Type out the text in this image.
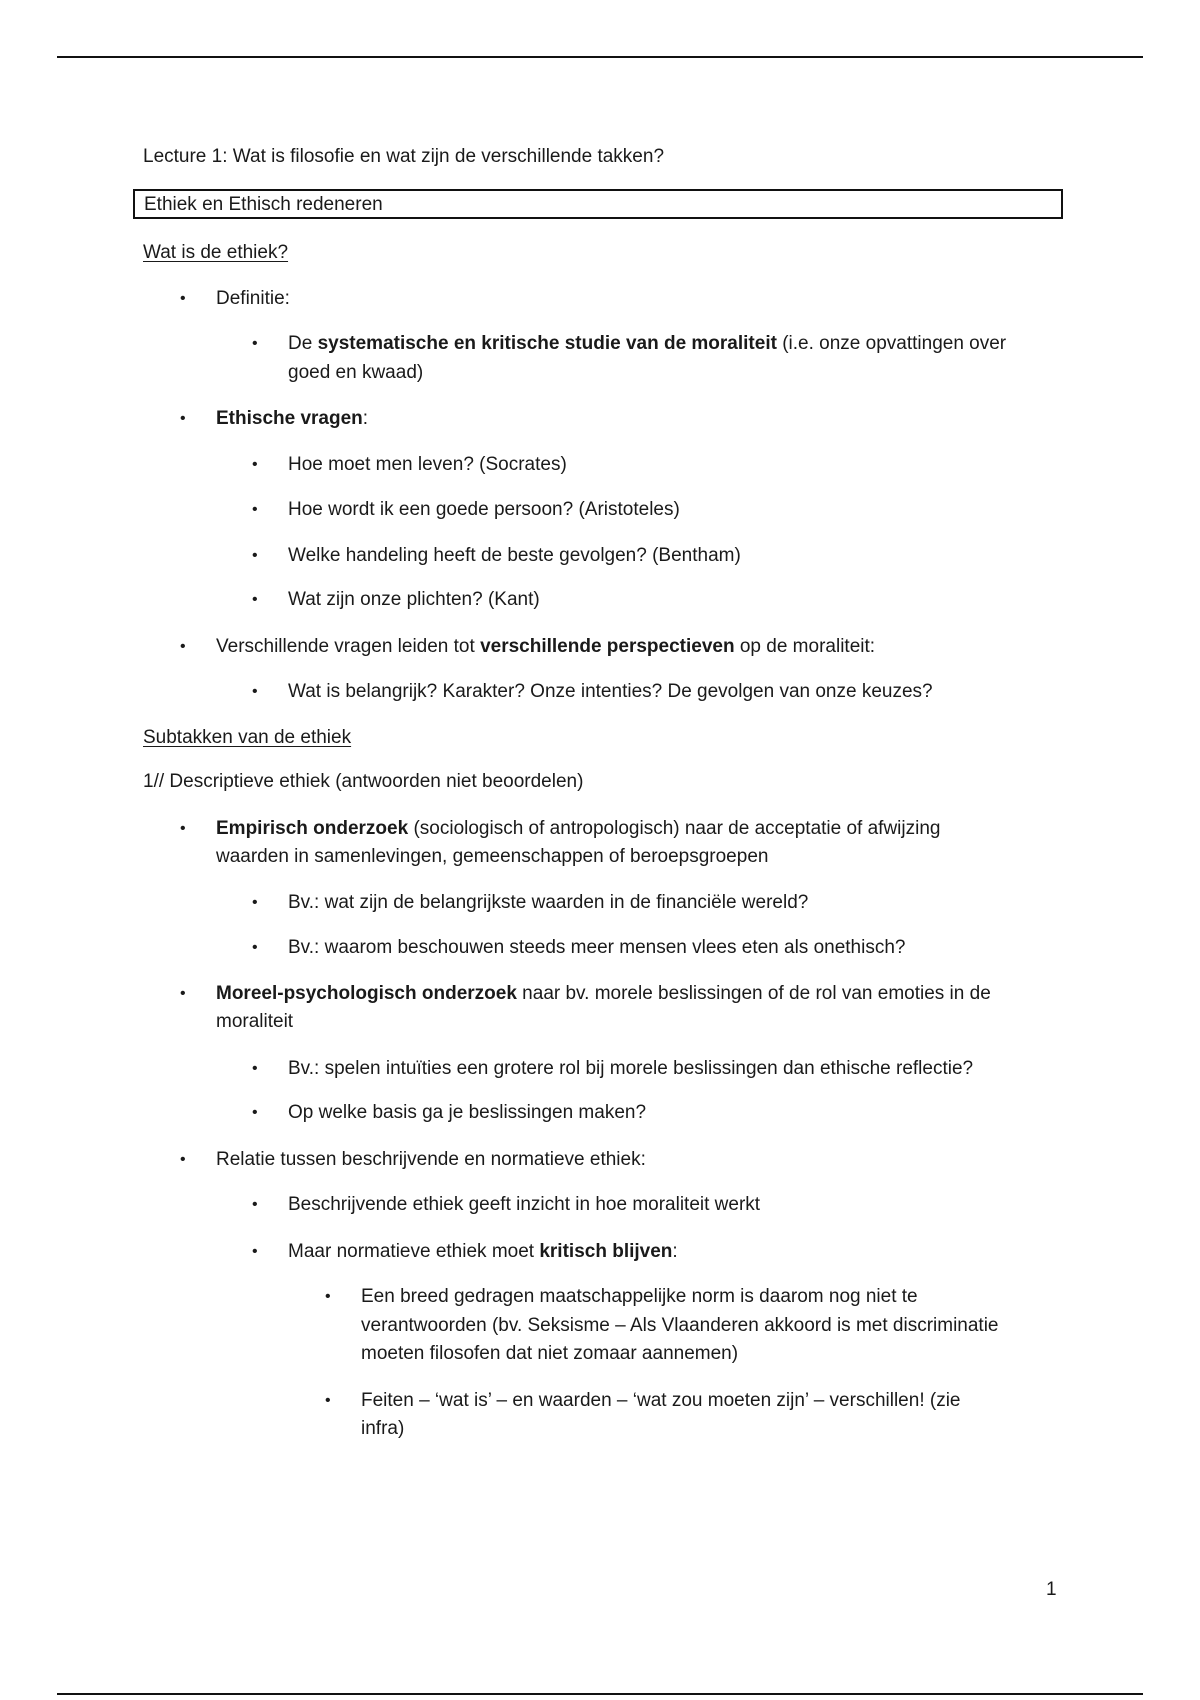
Lecture 1: Wat is filosofie en wat zijn de verschillende takken?
Ethiek en Ethisch redeneren
Wat is de ethiek?
• Definitie:
• De systematische en kritische studie van de moraliteit (i.e. onze opvattingen over
goed en kwaad)
• Ethische vragen:
• Hoe moet men leven? (Socrates)
• Hoe wordt ik een goede persoon? (Aristoteles)
• Welke handeling heeft de beste gevolgen? (Bentham)
• Wat zijn onze plichten? (Kant)
• Verschillende vragen leiden tot verschillende perspectieven op de moraliteit:
• Wat is belangrijk? Karakter? Onze intenties? De gevolgen van onze keuzes?
Subtakken van de ethiek
1// Descriptieve ethiek (antwoorden niet beoordelen)
• Empirisch onderzoek (sociologisch of antropologisch) naar de acceptatie of afwijzing
waarden in samenlevingen, gemeenschappen of beroepsgroepen
• Bv.: wat zijn de belangrijkste waarden in de financiële wereld?
• Bv.: waarom beschouwen steeds meer mensen vlees eten als onethisch?
• Moreel-psychologisch onderzoek naar bv. morele beslissingen of de rol van emoties in de
moraliteit
• Bv.: spelen intuïties een grotere rol bij morele beslissingen dan ethische reflectie?
• Op welke basis ga je beslissingen maken?
• Relatie tussen beschrijvende en normatieve ethiek:
• Beschrijvende ethiek geeft inzicht in hoe moraliteit werkt
• Maar normatieve ethiek moet kritisch blijven:
• Een breed gedragen maatschappelijke norm is daarom nog niet te
verantwoorden (bv. Seksisme – Als Vlaanderen akkoord is met discriminatie
moeten filosofen dat niet zomaar aannemen)
• Feiten – ‘wat is’ – en waarden – ‘wat zou moeten zijn’ – verschillen! (zie
infra)
1
